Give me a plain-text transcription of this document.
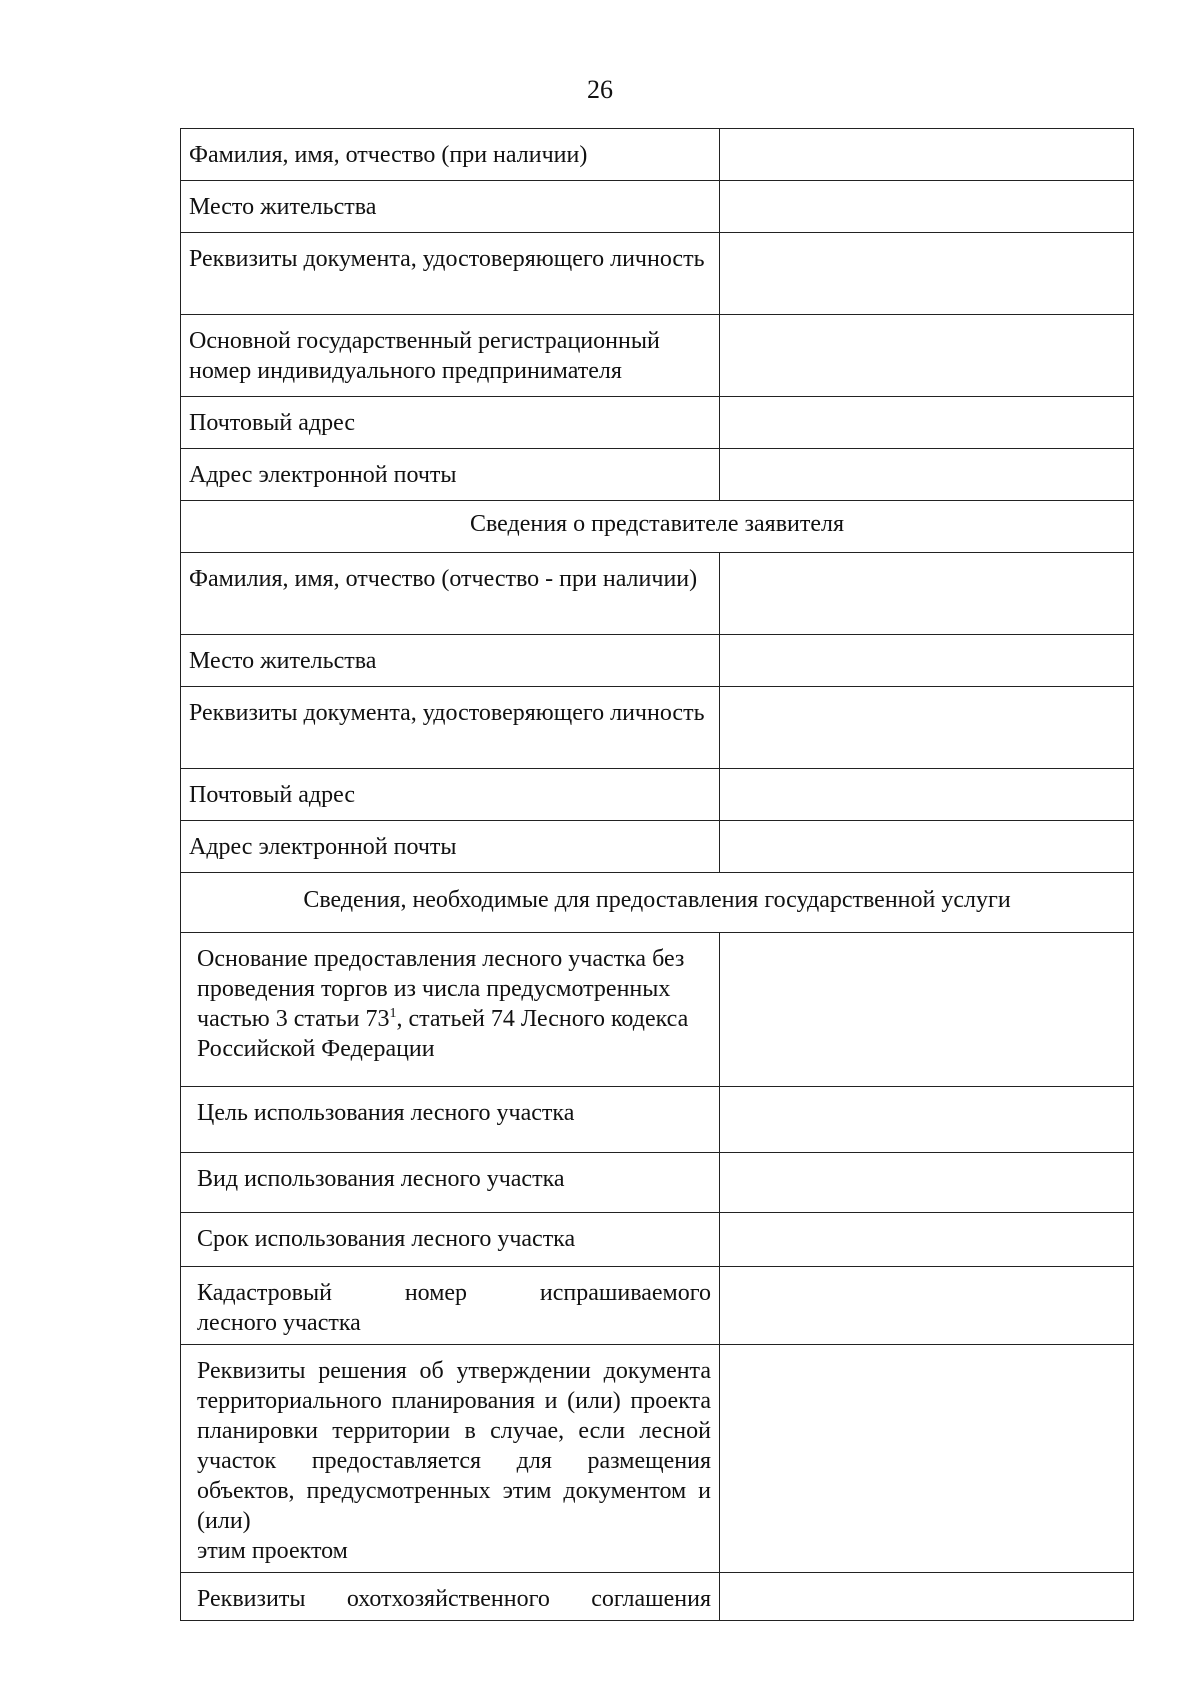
26
Фамилия, имя, отчество (при наличии)	
Место жительства	
Реквизиты документа, удостоверяющего личность	
Основной государственный регистрационный номер индивидуального предпринимателя	
Почтовый адрес	
Адрес электронной почты	
Сведения о представителе заявителя	
Фамилия, имя, отчество (отчество - при наличии)	
Место жительства	
Реквизиты документа, удостоверяющего личность	
Почтовый адрес	
Адрес электронной почты	
Сведения, необходимые для предоставления государственной услуги	
Основание предоставления лесного участка без проведения торгов из числа предусмотренных частью 3 статьи $73^1$, статьей 74 Лесного кодекса Российской Федерации	
Цель использования лесного участка	
Вид использования лесного участка	
Срок использования лесного участка	
Кадастровый номер испрашиваемого
лесного участка	

Реквизиты решения об утверждении документа территориального планирования и (или) проекта планировки территории в случае, если лесной участок предоставляется для размещения объектов, предусмотренных этим документом и (или)
этим проектом	

Реквизиты охотхозяйственного соглашения	
